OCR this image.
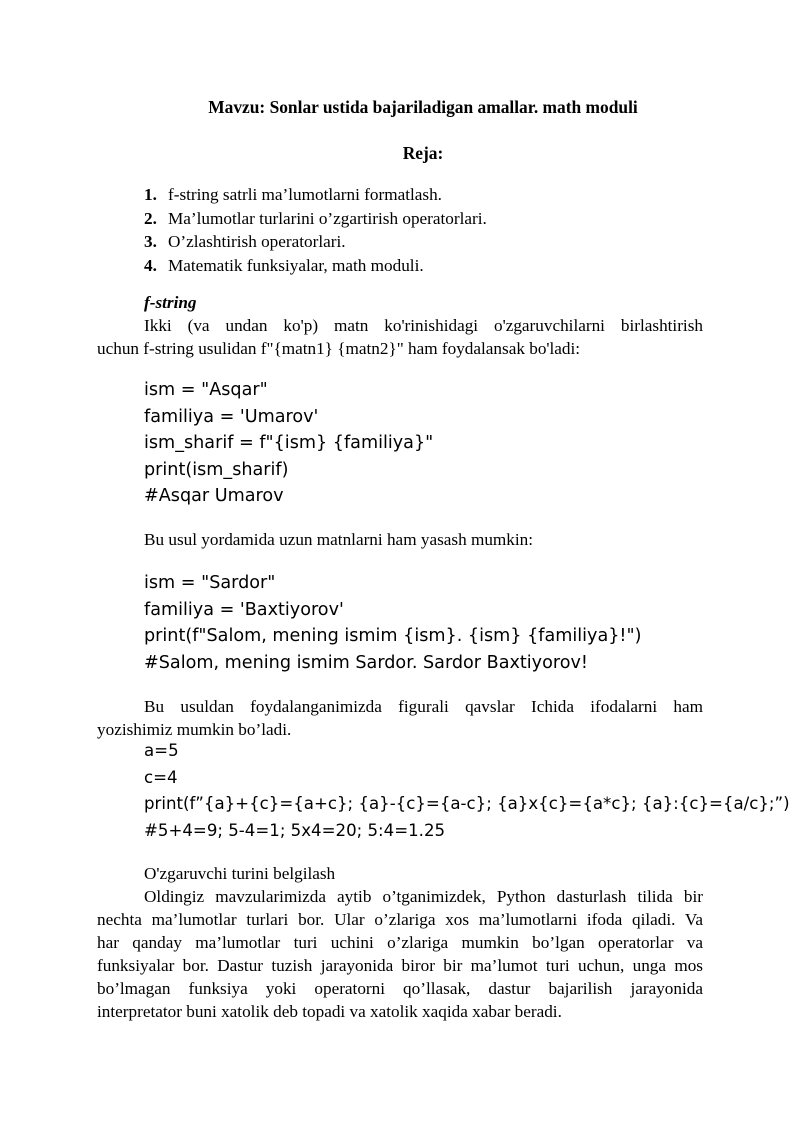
Mavzu: Sonlar ustida bajariladigan amallar. math moduli
Reja:
1. f-string satrli ma’lumotlarni formatlash.
2. Ma’lumotlar turlarini o’zgartirish operatorlari.
3. O’zlashtirish operatorlari.
4. Matematik funksiyalar, math moduli.
f-string
Ikki (va undan ko'p) matn ko'rinishidagi o'zgaruvchilarni birlashtirish
uchun f-string usulidan f"{matn1} {matn2}" ham foydalansak bo'ladi:
ism = "Asqar"
familiya = 'Umarov'
ism_sharif = f"{ism} {familiya}"
print(ism_sharif)
#Asqar Umarov
Bu usul yordamida uzun matnlarni ham yasash mumkin:
ism = "Sardor"
familiya = 'Baxtiyorov'
print(f"Salom, mening ismim {ism}. {ism} {familiya}!")
#Salom, mening ismim Sardor. Sardor Baxtiyorov!
Bu usuldan foydalanganimizda figurali qavslar Ichida ifodalarni ham
yozishimiz mumkin bo’ladi.
a=5
c=4
print(f”{a}+{c}={a+c}; {a}-{c}={a-c}; {a}x{c}={a*c}; {a}:{c}={a/c};”)
#5+4=9; 5-4=1; 5x4=20; 5:4=1.25
O'zgaruvchi turini belgilash
Oldingiz mavzularimizda aytib o’tganimizdek, Python dasturlash tilida bir
nechta ma’lumotlar turlari bor. Ular o’zlariga xos ma’lumotlarni ifoda qiladi. Va
har qanday ma’lumotlar turi uchini o’zlariga mumkin bo’lgan operatorlar va
funksiyalar bor. Dastur tuzish jarayonida biror bir ma’lumot turi uchun, unga mos
bo’lmagan funksiya yoki operatorni qo’llasak, dastur bajarilish jarayonida
interpretator buni xatolik deb topadi va xatolik xaqida xabar beradi.
